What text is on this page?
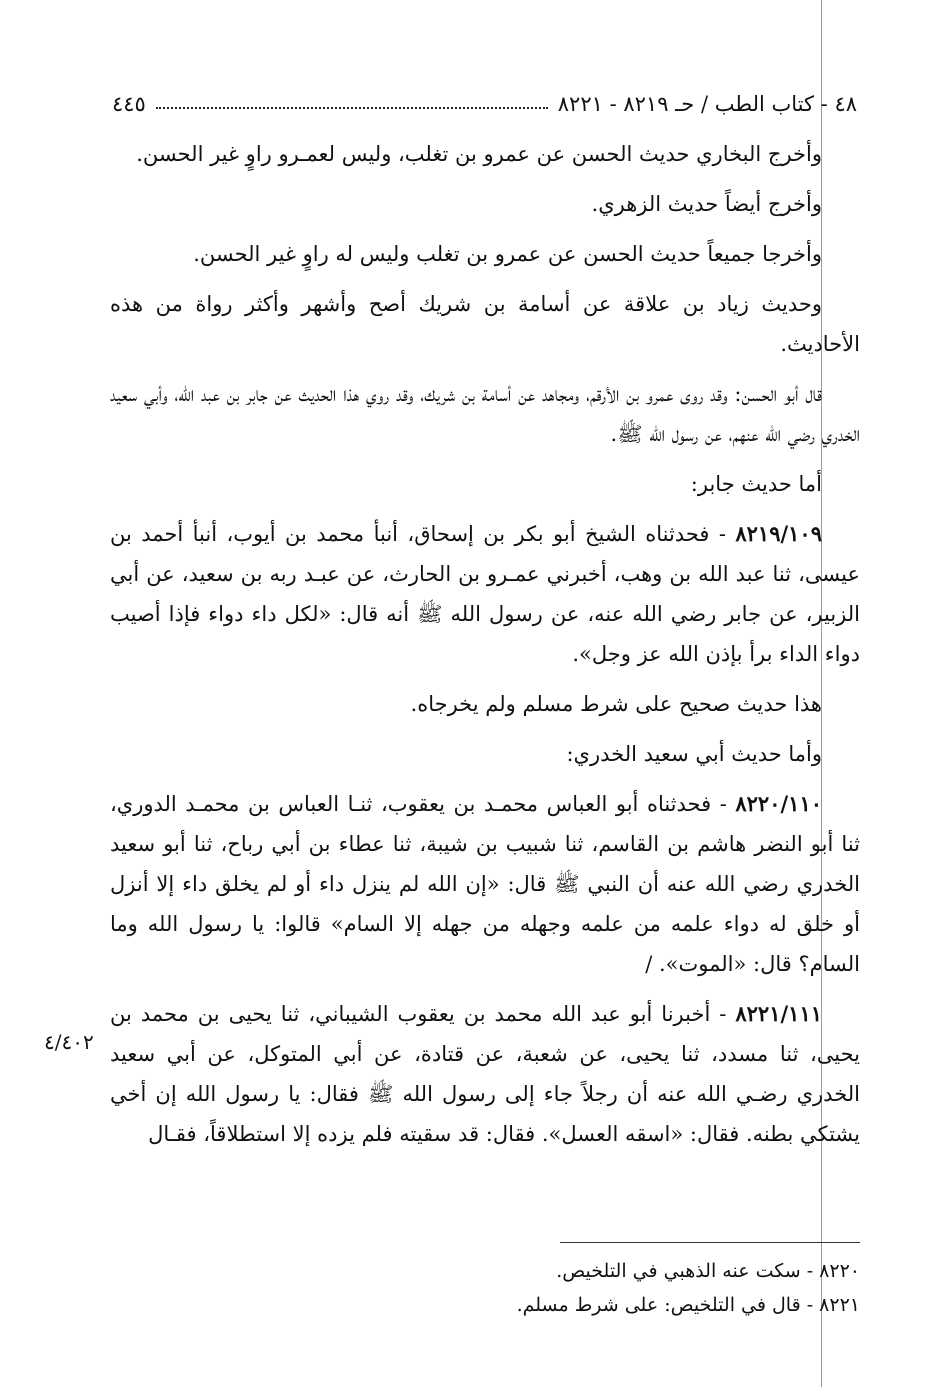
٤٨ - كتاب الطب / حـ ٨٢١٩ - ٨٢٢١
٤٤٥

وأخرج البخاري حديث الحسن عن عمرو بن تغلب، وليس لعمـرو راوٍ غير الحسن.

وأخرج أيضاً حديث الزهري.

وأخرجا جميعاً حديث الحسن عن عمرو بن تغلب وليس له راوٍ غير الحسن.

وحديث زياد بن علاقة عن أسامة بن شريك أصح وأشهر وأكثر رواة من هذه الأحاديث.

قال أبو الحسن: وقد روى عمرو بن الأرقم، ومجاهد عن أسامة بن شريك، وقد روي هذا الحديث عن جابر بن عبد الله، وأبي سعيد الخدري رضي الله عنهم، عن رسول الله ﷺ.

أما حديث جابر:

٨٢١٩/١٠٩ - فحدثناه الشيخ أبو بكر بن إسحاق، أنبأ محمد بن أيوب، أنبأ أحمد بن عيسى، ثنا عبد الله بن وهب، أخبرني عمـرو بن الحارث، عن عبـد ربه بن سعيد، عن أبي الزبير، عن جابر رضي الله عنه، عن رسول الله ﷺ أنه قال: «لكل داء دواء فإذا أصيب دواء الداء برأ بإذن الله عز وجل».

هذا حديث صحيح على شرط مسلم ولم يخرجاه.

وأما حديث أبي سعيد الخدري:

٨٢٢٠/١١٠ - فحدثناه أبو العباس محمـد بن يعقوب، ثنـا العباس بن محمـد الدوري، ثنا أبو النضر هاشم بن القاسم، ثنا شبيب بن شيبة، ثنا عطاء بن أبي رباح، ثنا أبو سعيد الخدري رضي الله عنه أن النبي ﷺ قال: «إن الله لم ينزل داء أو لم يخلق داء إلا أنزل أو خلق له دواء علمه من علمه وجهله من جهله إلا السام» قالوا: يا رسول الله وما السام؟ قال: «الموت». /

٨٢٢١/١١١ - أخبرنا أبو عبد الله محمد بن يعقوب الشيباني، ثنا يحيى بن محمد بن يحيى، ثنا مسدد، ثنا يحيى، عن شعبة، عن قتادة، عن أبي المتوكل، عن أبي سعيد الخدري رضـي الله عنه أن رجلاً جاء إلى رسول الله ﷺ فقال: يا رسول الله إن أخي يشتكي بطنه. فقال: «اسقه العسل». فقال: قد سقيته فلم يزده إلا استطلاقاً، فقـال

٤/٤٠٢
٨٢٢٠ - سكت عنه الذهبي في التلخيص.
٨٢٢١ - قال في التلخيص: على شرط مسلم.
